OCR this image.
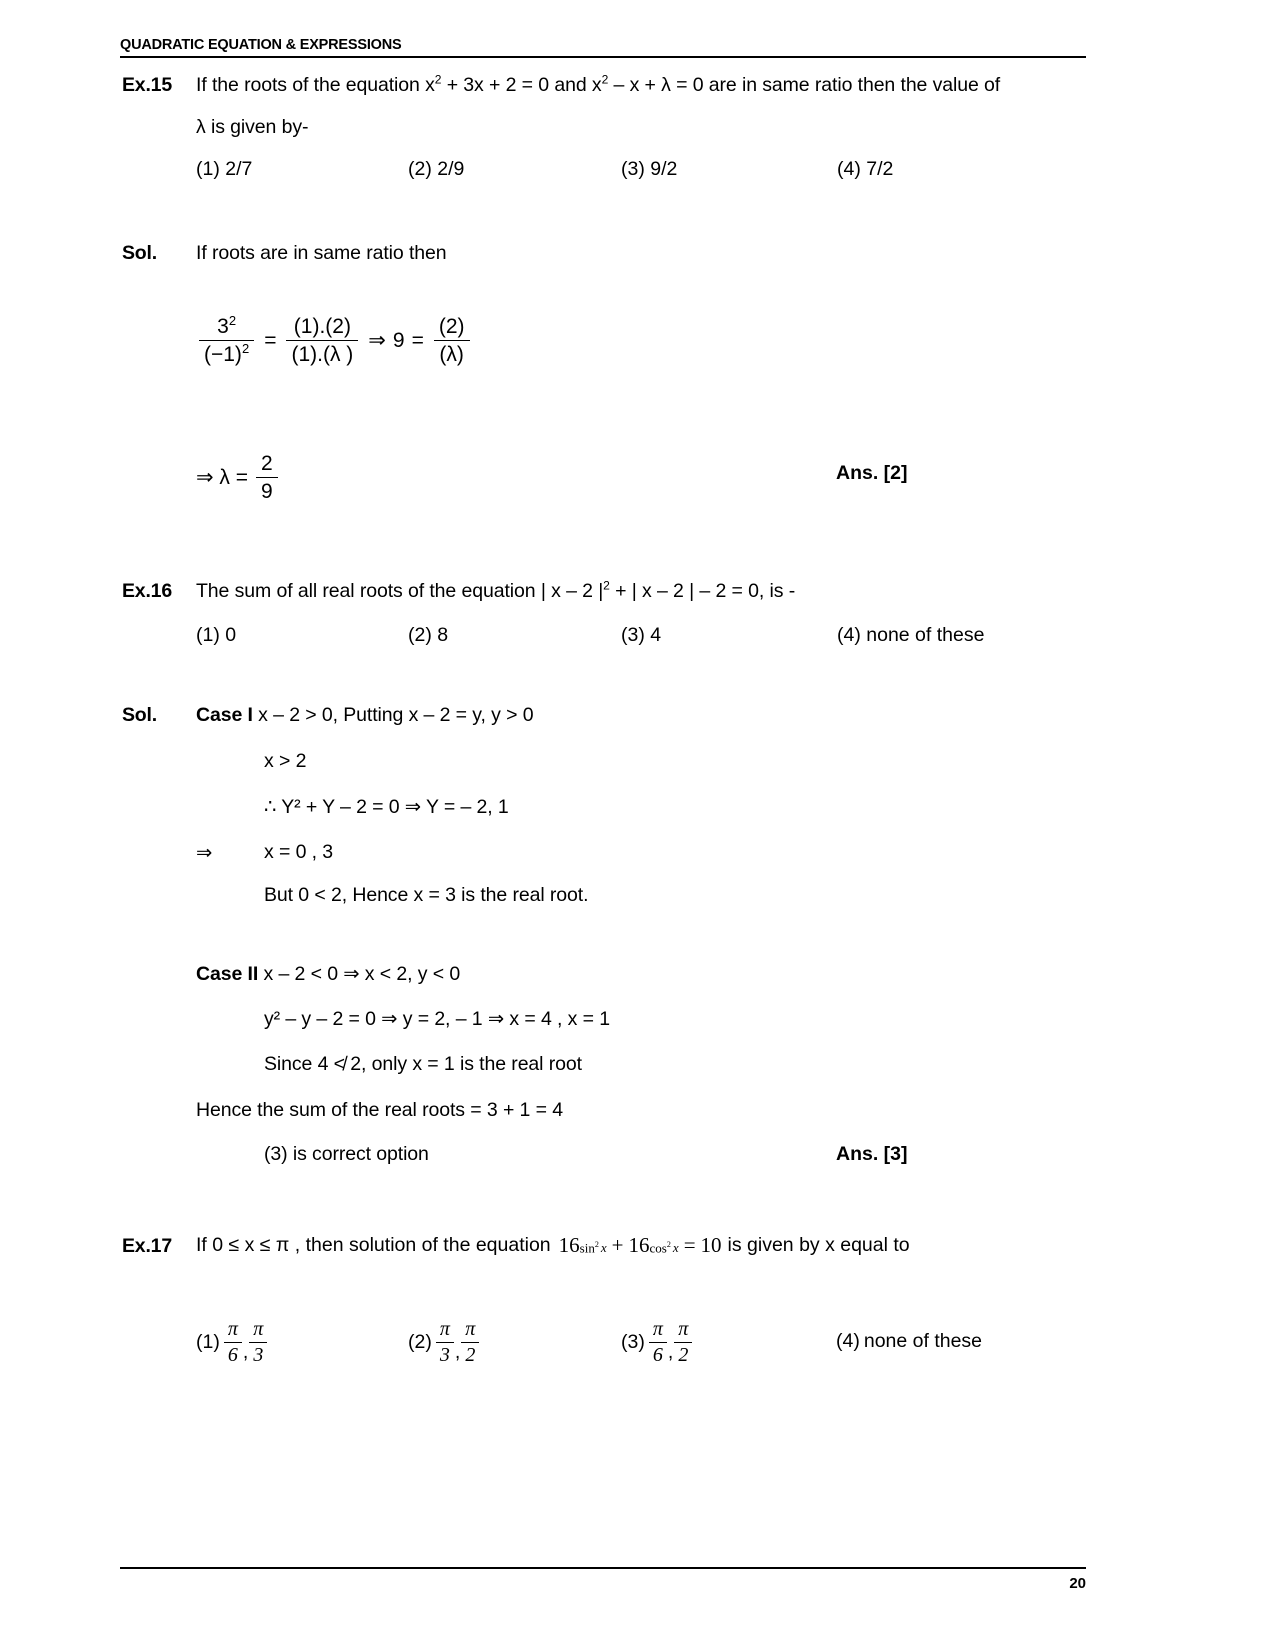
QUADRATIC EQUATION & EXPRESSIONS
Ex.15 If the roots of the equation $x^2 + 3x + 2 = 0$ and $x^2 - x + \lambda = 0$ are in same ratio then the value of
λ is given by-
(1) 2/7	(2) 2/9	(3) 9/2	(4) 7/2
Sol. If roots are in same ratio then
$\frac{3^2}{(-1)^2} = \frac{(1).(2)}{(1).(\lambda )}$ ⇒ $9 = \frac{(2)}{(\lambda)}$
⇒ $\lambda = \frac{2}{9}$	Ans. [2]
Ex.16 The sum of all real roots of the equation | x – 2 $|^2$ + | x – 2 | – 2 = 0, is -
(1) 0	(2) 8	(3) 4	(4) none of these
Sol. Case I x – 2 > 0, Putting x – 2 = y, y > 0
x > 2
∴ Y² + Y – 2 = 0 ⇒ Y = – 2, 1
⇒	x = 0 , 3
But 0 < 2, Hence x = 3 is the real root.
Case II x – 2 < 0 ⇒ x < 2, y < 0
y² – y – 2 = 0 ⇒ y = 2, – 1 ⇒ x = 4 , x = 1
Since 4 ≮ 2, only x = 1 is the real root
Hence the sum of the real roots = 3 + 1 = 4
(3) is correct option	Ans. [3]
Ex.17 If 0 ≤ x ≤ π , then solution of the equation 16 $\sin^2 x + 16$ $\cos^2 x = 10$ is given by x equal to
$(1) \frac{\pi}{6}$ , $\frac{\pi}{3}$	$(2) \frac{\pi}{3}$ , $\frac{\pi}{2}$	$(3) \frac{\pi}{6}$ , $\frac{\pi}{2}$	(4) none of these
20
